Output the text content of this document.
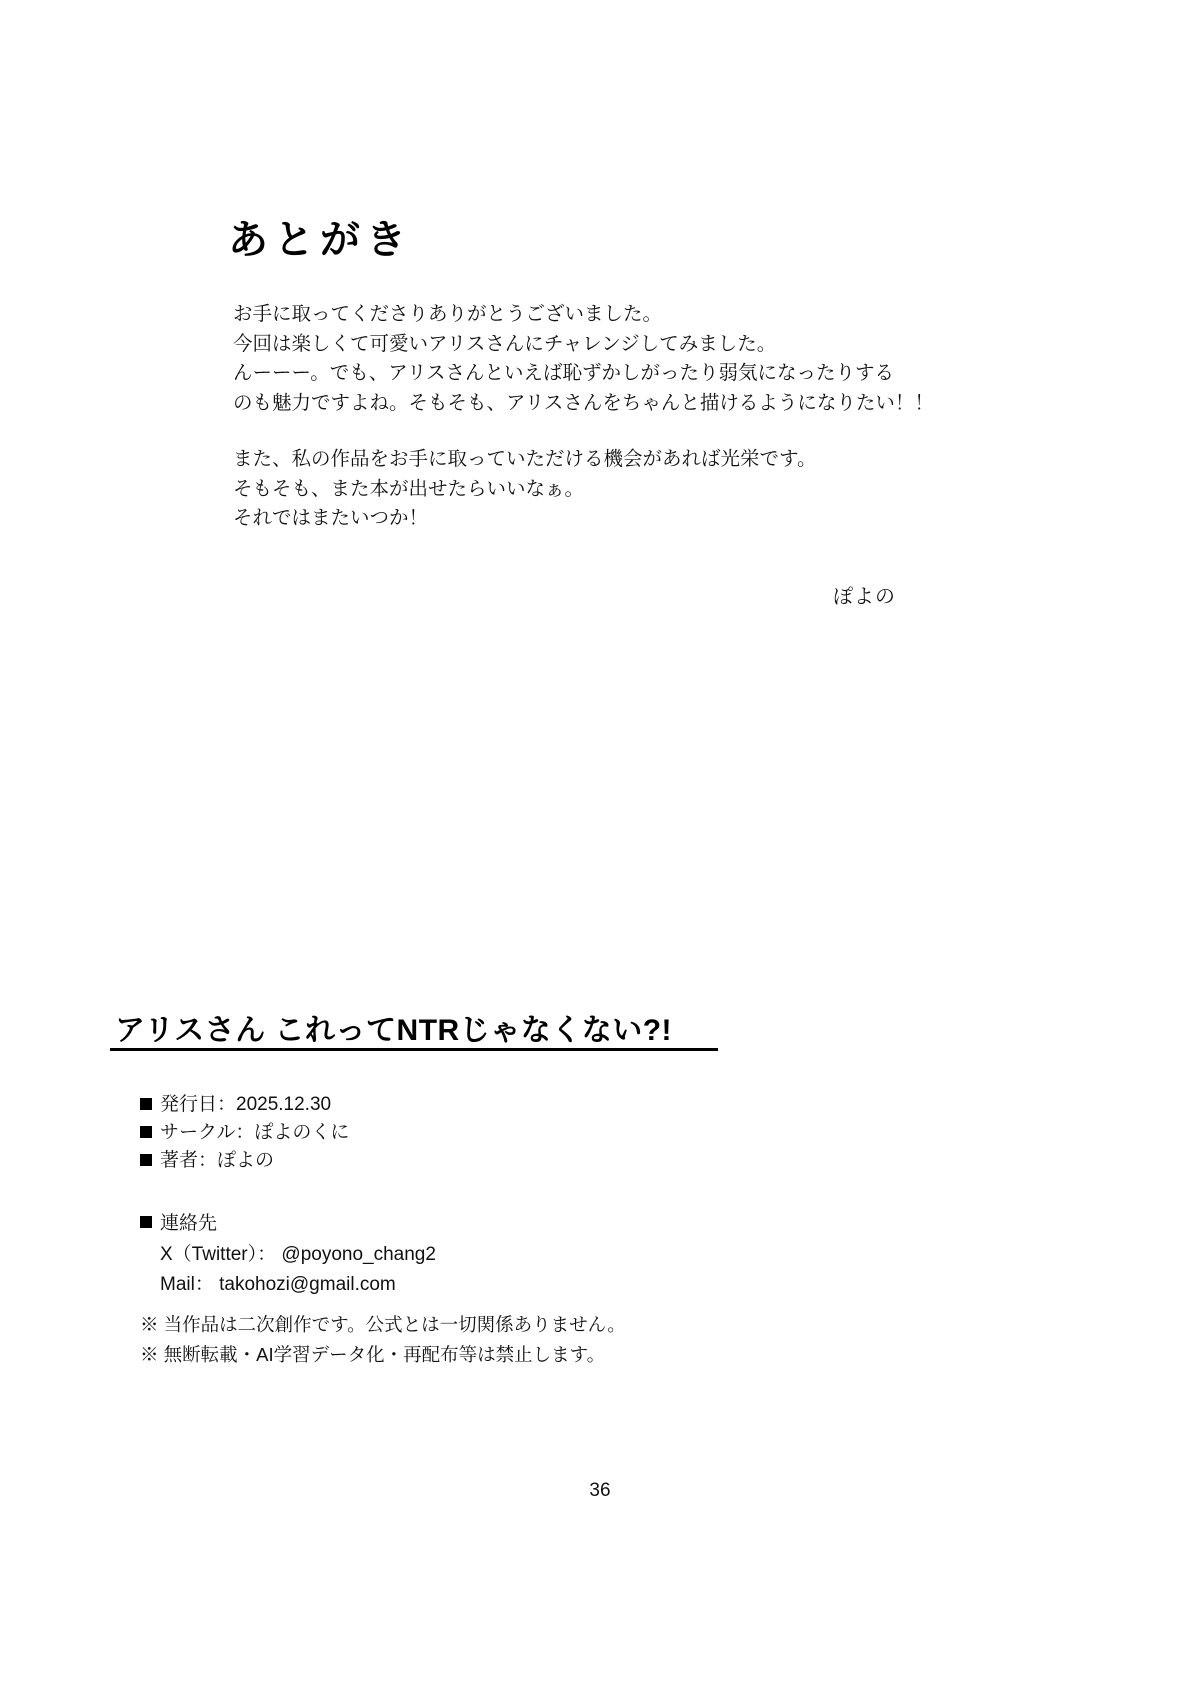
あとがき

お手に取ってくださりありがとうございました。

今回は楽しくて可愛いアリスさんにチャレンジしてみました。

んーーー。でも、アリスさんといえば恥ずかしがったり弱気になったりする

のも魅力ですよね。そもそも、アリスさんをちゃんと描けるようになりたい！！

また、私の作品をお手に取っていただける機会があれば光栄です。

そもそも、また本が出せたらいいなぁ。

それではまたいつか！

ぽよの
アリスさん これってNTRじゃなくない?!
発行日：2025.12.30
サークル：ぽよのくに
著者：ぽよの
連絡先
X（Twitter）： @poyono_chang2
Mail： takohozi@gmail.com
※ 当作品は二次創作です。公式とは一切関係ありません。
※ 無断転載・AI学習データ化・再配布等は禁止します。
36
